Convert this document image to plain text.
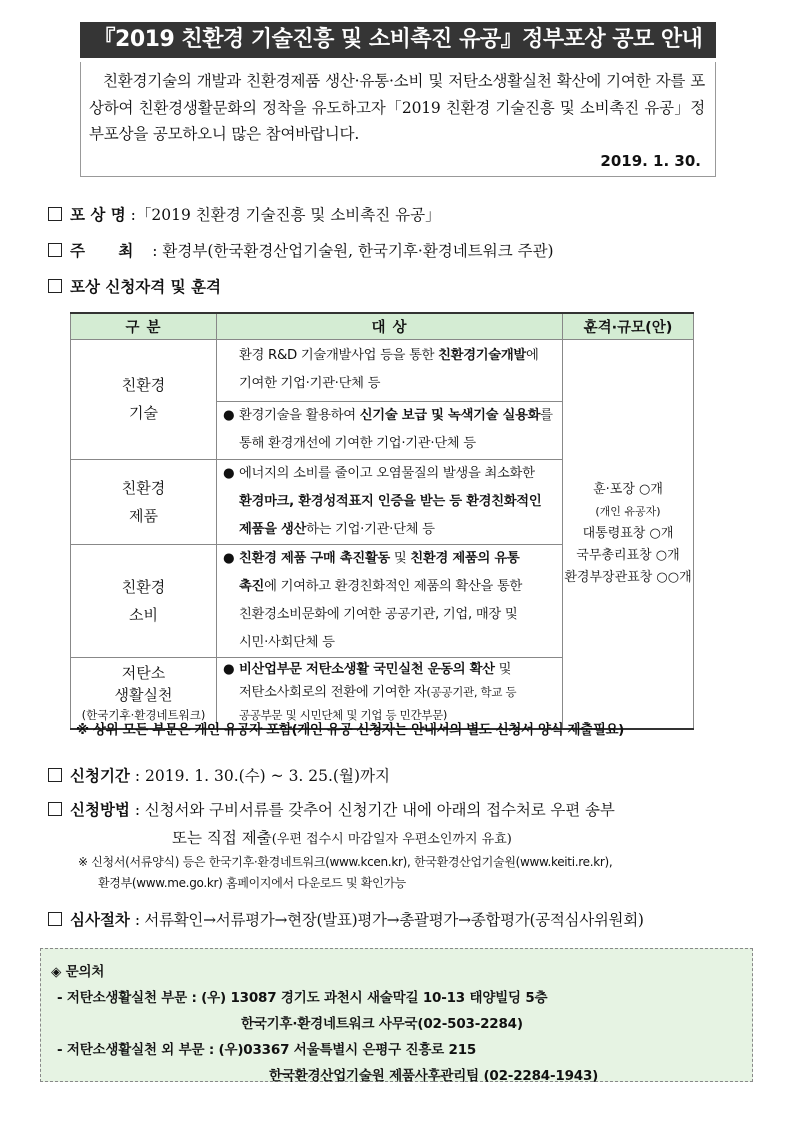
『2019 친환경 기술진흥 및 소비촉진 유공』정부포상 공모 안내

친환경기술의 개발과 친환경제품 생산·유통·소비 및 저탄소생활실천 확산에 기여한 자를 포상하여 친환경생활문화의 정착을 유도하고자「2019 친환경 기술진흥 및 소비촉진 유공」정부포상을 공모하오니 많은 참여바랍니다.

2019. 1. 30.
포 상 명 :「2019 친환경 기술진흥 및 소비촉진 유공」
주 최 : 환경부(한국환경산업기술원, 한국기후·환경네트워크 주관)
포상 신청자격 및 훈격
구 분	대 상	훈격·규모(안)
친환경
기술	환경 R&D 기술개발사업 등을 통한 친환경기술개발에
기여한 기업·기관·단체 등	훈·포장 ○개
(개인 유공자)
대통령표창 ○개
국무총리표창 ○개
환경부장관표창 ○○개
	● 환경기술을 활용하여 신기술 보급 및 녹색기술 실용화를
통해 환경개선에 기여한 기업·기관·단체 등	

친환경
제품	● 에너지의 소비를 줄이고 오염물질의 발생을 최소화한
환경마크, 환경성적표지 인증을 받는 등 환경친화적인
제품을 생산하는 기업·기관·단체 등	

친환경
소비	● 친환경 제품 구매 촉진활동 및 친환경 제품의 유통
촉진에 기여하고 환경친화적인 제품의 확산을 통한
친환경소비문화에 기여한 공공기관, 기업, 매장 및
시민·사회단체 등	

저탄소
생활실천
(한국기후·환경네트워크)	● 비산업부문 저탄소생활 국민실천 운동의 확산 및
저탄소사회로의 전환에 기여한 자(공공기관, 학교 등
공공부문 및 시민단체 및 기업 등 민간부문)	
※ 상위 모든 부문은 개인 유공자 포함(개인 유공 신청자는 안내서의 별도 신청서 양식 제출필요)
신청기간 : 2019. 1. 30.(수) ~ 3. 25.(월)까지
신청방법 : 신청서와 구비서류를 갖추어 신청기간 내에 아래의 접수처로 우편 송부
또는 직접 제출(우편 접수시 마감일자 우편소인까지 유효)
※ 신청서(서류양식) 등은 한국기후·환경네트워크(www.kcen.kr), 한국환경산업기술원(www.keiti.re.kr),
환경부(www.me.go.kr) 홈페이지에서 다운로드 및 확인가능
심사절차 : 서류확인→서류평가→현장(발표)평가→총괄평가→종합평가(공적심사위원회)
◈ 문의처
- 저탄소생활실천 부문 : (우) 13087 경기도 과천시 새술막길 10-13 태양빌딩 5층
한국기후·환경네트워크 사무국(02-503-2284)
- 저탄소생활실천 외 부문 : (우)03367 서울특별시 은평구 진흥로 215
한국환경산업기술원 제품사후관리팀 (02-2284-1943)
